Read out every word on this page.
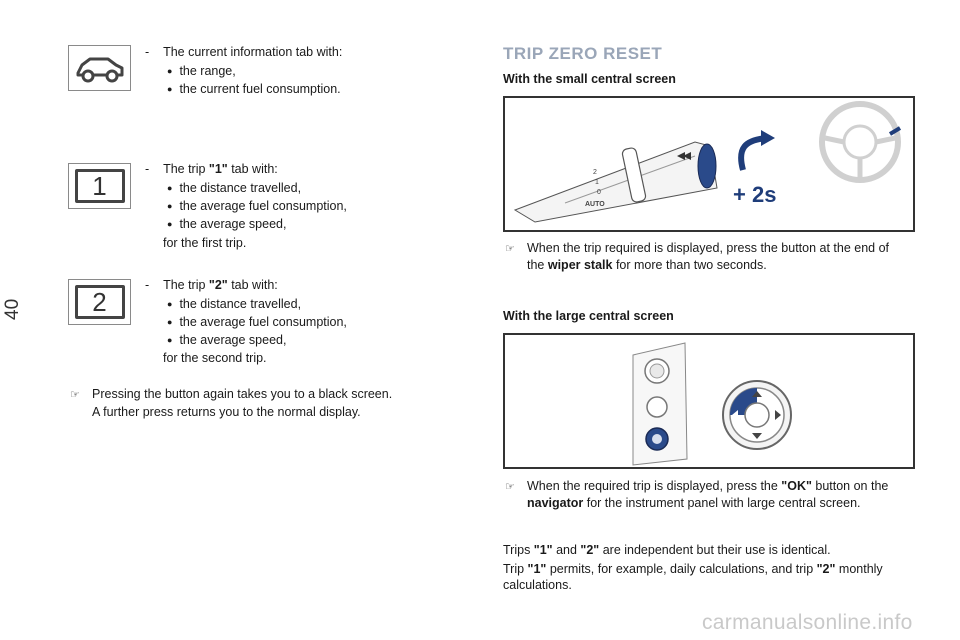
40
-    The current information tab with:
● the range,
● the current fuel consumption.
1
-    The trip "1" tab with:
● the distance travelled,
● the average fuel consumption,
● the average speed,
for the first trip.
2
-    The trip "2" tab with:
● the distance travelled,
● the average fuel consumption,
● the average speed,
for the second trip.
☞ Pressing the button again takes you to a black screen.
A further press returns you to the normal display.
TRIP ZERO RESET
With the small central screen
2
1
0
AUTO	+ 2s
☞ When the trip required is displayed, press the button at the end of
the wiper stalk for more than two seconds.
With the large central screen
☞ When the required trip is displayed, press the "OK" button on the
navigator for the instrument panel with large central screen.
Trips "1" and "2" are independent but their use is identical.
Trip "1" permits, for example, daily calculations, and trip "2" monthly
calculations.
carmanualsonline.info
